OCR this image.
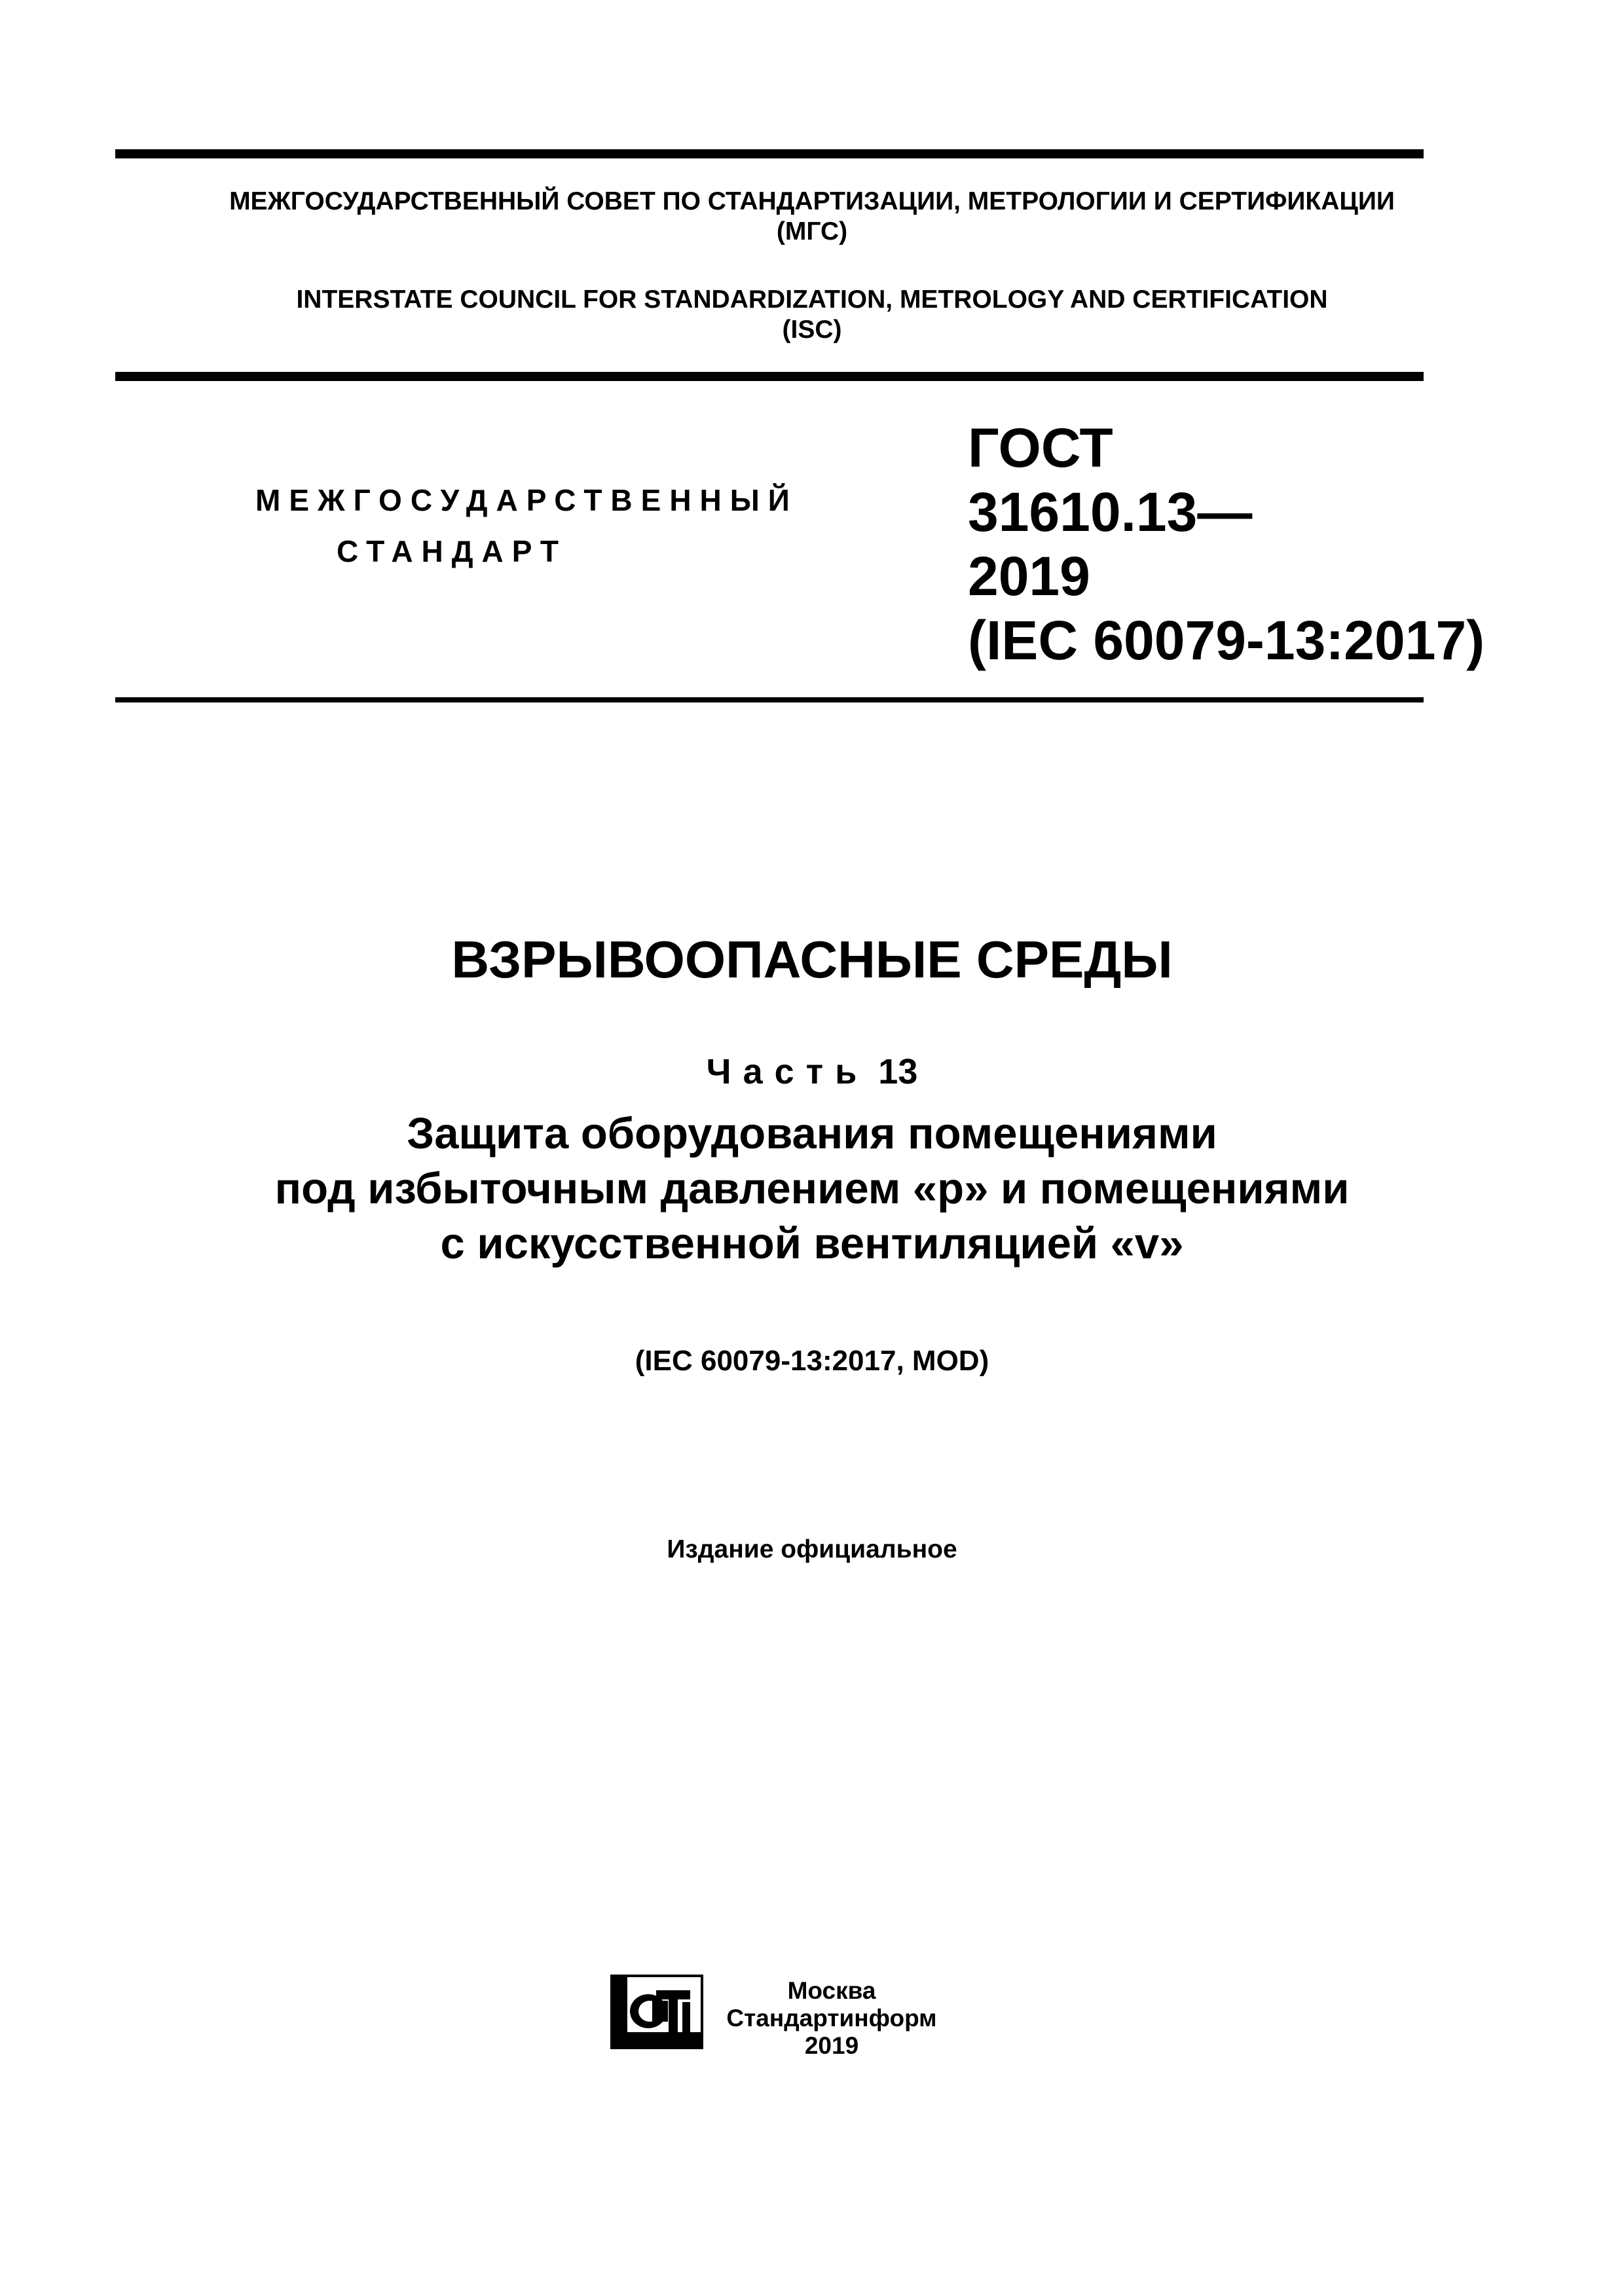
МЕЖГОСУДАРСТВЕННЫЙ СОВЕТ ПО СТАНДАРТИЗАЦИИ, МЕТРОЛОГИИ И СЕРТИФИКАЦИИ
(МГС)
INTERSTATE COUNCIL FOR STANDARDIZATION, METROLOGY AND CERTIFICATION
(ISC)
МЕЖГОСУДАРСТВЕННЫЙ
СТАНДАРТ
ГОСТ
31610.13—
2019
(IEC 60079-13:2017)
ВЗРЫВООПАСНЫЕ СРЕДЫ
Часть 13
Защита оборудования помещениями
под избыточным давлением «р» и помещениями
с искусственной вентиляцией «v»
(IEC 60079-13:2017, MOD)
Издание официальное
Москва
Стандартинформ
2019
